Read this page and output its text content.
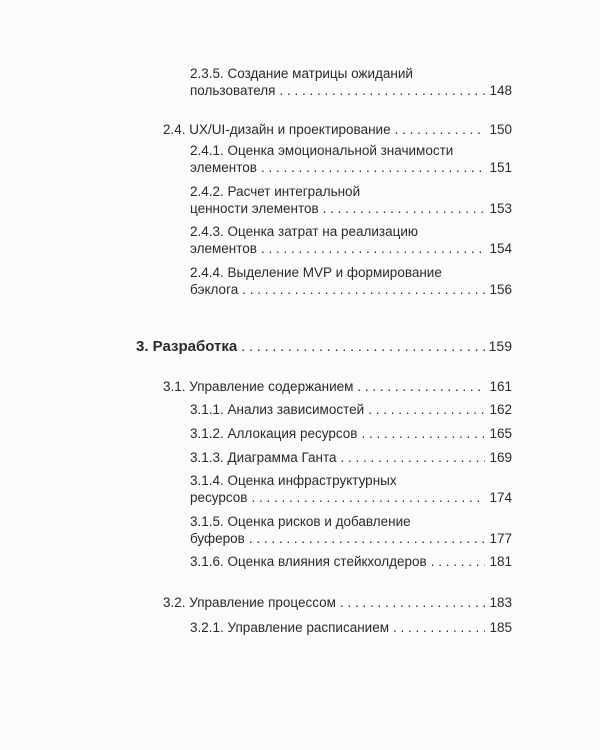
2.3.5. Создание матрицы ожиданий
пользователя . . .	148
2.4. UX/UI-дизайн и проектирование . . .	150
2.4.1. Оценка эмоциональной значимости
элементов . . .	151
2.4.2. Расчет интегральной
ценности элементов . . .	153
2.4.3. Оценка затрат на реализацию
элементов . . .	154
2.4.4. Выделение MVP и формирование
бэклога . . .	156
3. Разработка . . .	159
3.1. Управление содержанием . . .	161
3.1.1. Анализ зависимостей . . .	162
3.1.2. Аллокация ресурсов . . .	165
3.1.3. Диаграмма Ганта . . .	169
3.1.4. Оценка инфраструктурных
ресурсов . . .	174
3.1.5. Оценка рисков и добавление
буферов . . .	177
3.1.6. Оценка влияния стейкхолдеров . . .	181
3.2. Управление процессом . . .	183
3.2.1. Управление расписанием . . .	185
